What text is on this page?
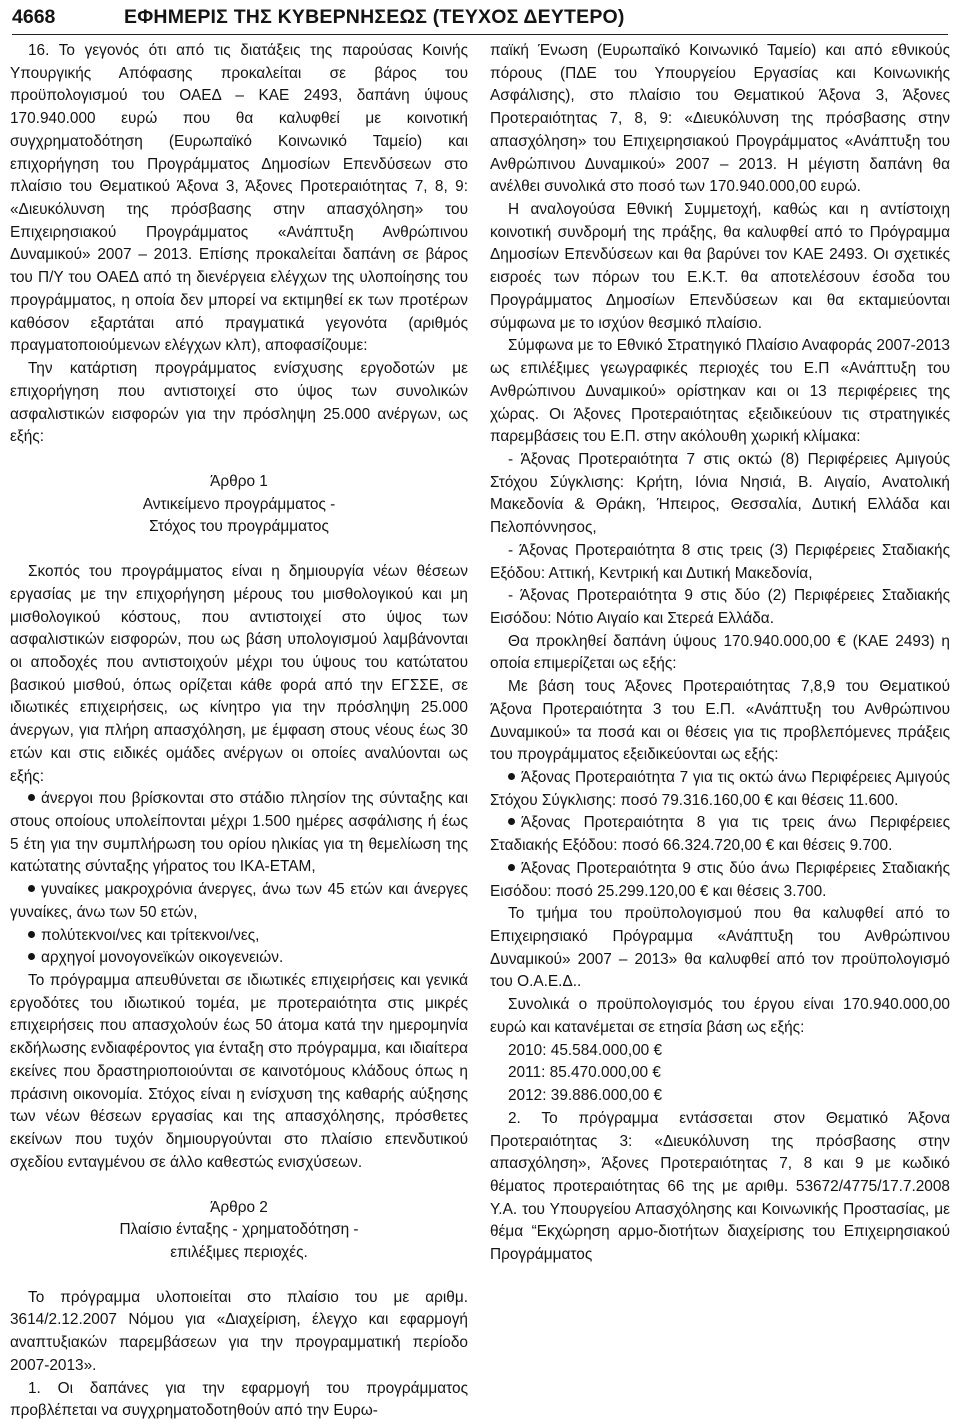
4668	ΕΦΗΜΕΡΙΣ ΤΗΣ ΚΥΒΕΡΝΗΣΕΩΣ (ΤΕΥΧΟΣ ΔΕΥΤΕΡΟ)

16. Το γεγονός ότι από τις διατάξεις της παρούσας Κοινής Υπουργικής Απόφασης προκαλείται σε βάρος του προϋπολογισμού του ΟΑΕΔ – ΚΑΕ 2493, δαπάνη ύψους 170.940.000 ευρώ που θα καλυφθεί με κοινοτική συγχρηματοδότηση (Ευρωπαϊκό Κοινωνικό Ταμείο) και επιχορήγηση του Προγράμματος Δημοσίων Επενδύσεων στο πλαίσιο του Θεματικού Άξονα 3, Άξονες Προτεραιότητας 7, 8, 9: «Διευκόλυνση της πρόσβασης στην απασχόληση» του Επιχειρησιακού Προγράμματος «Ανάπτυξη Ανθρώπινου Δυναμικού» 2007 – 2013. Επίσης προκαλείται δαπάνη σε βάρος του Π/Υ του ΟΑΕΔ από τη διενέργεια ελέγχων της υλοποίησης του προγράμματος, η οποία δεν μπορεί να εκτιμηθεί εκ των προτέρων καθόσον εξαρτάται από πραγματικά γεγονότα (αριθμός πραγματοποιούμενων ελέγχων κλπ), αποφασίζουμε:

Την κατάρτιση προγράμματος ενίσχυσης εργοδοτών με επιχορήγηση που αντιστοιχεί στο ύψος των συνολικών ασφαλιστικών εισφορών για την πρόσληψη 25.000 ανέργων, ως εξής:

Άρθρο 1

Αντικείμενο προγράμματος -

Στόχος του προγράμματος

Σκοπός του προγράμματος είναι η δημιουργία νέων θέσεων εργασίας με την επιχορήγηση μέρους του μισθολογικού και μη μισθολογικού κόστους, που αντιστοιχεί στο ύψος των ασφαλιστικών εισφορών, που ως βάση υπολογισμού λαμβάνονται οι αποδοχές που αντιστοιχούν μέχρι του ύψους του κατώτατου βασικού μισθού, όπως ορίζεται κάθε φορά από την ΕΓΣΣΕ, σε ιδιωτικές επιχειρήσεις, ως κίνητρο για την πρόσληψη 25.000 άνεργων, για πλήρη απασχόληση, με έμφαση στους νέους έως 30 ετών και στις ειδικές ομάδες ανέργων οι οποίες αναλύονται ως εξής:

άνεργοι που βρίσκονται στο στάδιο πλησίον της σύνταξης και στους οποίους υπολείπονται μέχρι 1.500 ημέρες ασφάλισης ή έως 5 έτη για την συμπλήρωση του ορίου ηλικίας για τη θεμελίωση της κατώτατης σύνταξης γήρατος του ΙΚΑ-ΕΤΑΜ,

γυναίκες μακροχρόνια άνεργες, άνω των 45 ετών και άνεργες γυναίκες, άνω των 50 ετών,

πολύτεκνοι/νες και τρίτεκνοι/νες,

αρχηγοί μονογονεϊκών οικογενειών.

Το πρόγραμμα απευθύνεται σε ιδιωτικές επιχειρήσεις και γενικά εργοδότες του ιδιωτικού τομέα, με προτεραιότητα στις μικρές επιχειρήσεις που απασχολούν έως 50 άτομα κατά την ημερομηνία εκδήλωσης ενδιαφέροντος για ένταξη στο πρόγραμμα, και ιδιαίτερα εκείνες που δραστηριοποιούνται σε καινοτόμους κλάδους όπως η πράσινη οικονομία. Στόχος είναι η ενίσχυση της καθαρής αύξησης των νέων θέσεων εργασίας και της απασχόλησης, πρόσθετες εκείνων που τυχόν δημιουργούνται στο πλαίσιο επενδυτικού σχεδίου ενταγμένου σε άλλο καθεστώς ενισχύσεων.

Άρθρο 2

Πλαίσιο ένταξης - χρηματοδότηση -

επιλέξιμες περιοχές.

Το πρόγραμμα υλοποιείται στο πλαίσιο του με αριθμ. 3614/2.12.2007 Νόμου για «Διαχείριση, έλεγχο και εφαρμογή αναπτυξιακών παρεμβάσεων για την προγραμματική περίοδο 2007-2013».

1. Οι δαπάνες για την εφαρμογή του προγράμματος προβλέπεται να συγχρηματοδοτηθούν από την Ευρω-

παϊκή Ένωση (Ευρωπαϊκό Κοινωνικό Ταμείο) και από εθνικούς πόρους (ΠΔΕ του Υπουργείου Εργασίας και Κοινωνικής Ασφάλισης), στο πλαίσιο του Θεματικού Άξονα 3, Άξονες Προτεραιότητας 7, 8, 9: «Διευκόλυνση της πρόσβασης στην απασχόληση» του Επιχειρησιακού Προγράμματος «Ανάπτυξη του Ανθρώπινου Δυναμικού» 2007 – 2013. Η μέγιστη δαπάνη θα ανέλθει συνολικά στο ποσό των 170.940.000,00 ευρώ.

Η αναλογούσα Εθνική Συμμετοχή, καθώς και η αντίστοιχη κοινοτική συνδρομή της πράξης, θα καλυφθεί από το Πρόγραμμα Δημοσίων Επενδύσεων και θα βαρύνει τον ΚΑΕ 2493. Οι σχετικές εισροές των πόρων του Ε.Κ.Τ. θα αποτελέσουν έσοδα του Προγράμματος Δημοσίων Επενδύσεων και θα εκταμιεύονται σύμφωνα με το ισχύον θεσμικό πλαίσιο.

Σύμφωνα με το Εθνικό Στρατηγικό Πλαίσιο Αναφοράς 2007-2013 ως επιλέξιμες γεωγραφικές περιοχές του Ε.Π «Ανάπτυξη του Ανθρώπινου Δυναμικού» ορίστηκαν και οι 13 περιφέρειες της χώρας. Οι Άξονες Προτεραιότητας εξειδικεύουν τις στρατηγικές παρεμβάσεις του Ε.Π. στην ακόλουθη χωρική κλίμακα:

- Άξονας Προτεραιότητα 7 στις οκτώ (8) Περιφέρειες Αμιγούς Στόχου Σύγκλισης: Κρήτη, Ιόνια Νησιά, Β. Αιγαίο, Ανατολική Μακεδονία & Θράκη, Ήπειρος, Θεσσαλία, Δυτική Ελλάδα και Πελοπόννησος,

- Άξονας Προτεραιότητα 8 στις τρεις (3) Περιφέρειες Σταδιακής Εξόδου: Αττική, Κεντρική και Δυτική Μακεδονία,

- Άξονας Προτεραιότητα 9 στις δύο (2) Περιφέρειες Σταδιακής Εισόδου: Νότιο Αιγαίο και Στερεά Ελλάδα.

Θα προκληθεί δαπάνη ύψους 170.940.000,00 € (ΚΑΕ 2493) η οποία επιμερίζεται ως εξής:

Με βάση τους Άξονες Προτεραιότητας 7,8,9 του Θεματικού Άξονα Προτεραιότητα 3 του Ε.Π. «Ανάπτυξη του Ανθρώπινου Δυναμικού» τα ποσά και οι θέσεις για τις προβλεπόμενες πράξεις του προγράμματος εξειδικεύονται ως εξής:

Άξονας Προτεραιότητα 7 για τις οκτώ άνω Περιφέρειες Αμιγούς Στόχου Σύγκλισης: ποσό 79.316.160,00 € και θέσεις 11.600.

Άξονας Προτεραιότητα 8 για τις τρεις άνω Περιφέρειες Σταδιακής Εξόδου: ποσό 66.324.720,00 € και θέσεις 9.700.

Άξονας Προτεραιότητα 9 στις δύο άνω Περιφέρειες Σταδιακής Εισόδου: ποσό 25.299.120,00 € και θέσεις 3.700.

Το τμήμα του προϋπολογισμού που θα καλυφθεί από το Επιχειρησιακό Πρόγραμμα «Ανάπτυξη του Ανθρώπινου Δυναμικού» 2007 – 2013» θα καλυφθεί από τον προϋπολογισμό του Ο.Α.Ε.Δ..

Συνολικά ο προϋπολογισμός του έργου είναι 170.940.000,00 ευρώ και κατανέμεται σε ετησία βάση ως εξής:

2010: 45.584.000,00 €

2011: 85.470.000,00 €

2012: 39.886.000,00 €

2. Το πρόγραμμα εντάσσεται στον Θεματικό Άξονα Προτεραιότητας 3: «Διευκόλυνση της πρόσβασης στην απασχόληση», Άξονες Προτεραιότητας 7, 8 και 9 με κωδικό θέματος προτεραιότητας 66 της με αριθμ. 53672/4775/17.7.2008 Υ.Α. του Υπουργείου Απασχόλησης και Κοινωνικής Προστασίας, με θέμα “Εκχώρηση αρμο-διοτήτων διαχείρισης του Επιχειρησιακού Προγράμματος
